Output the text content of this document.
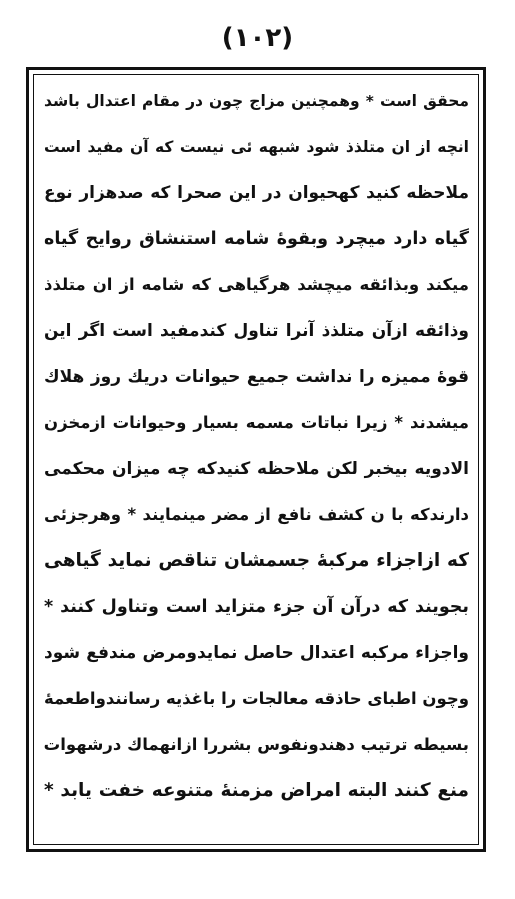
(۱۰۲)
محقق است * وهمچنین مزاج چون در مقام اعتدال باشد
انچه از ان متلذذ شود شبهه ئی نیست که آن مفید است
ملاحظه کنید کهحیوان در این صحرا که صدهزار نوع
گیاه دارد میچرد وبقوۀ شامه استنشاق روایح گیاه
میکند وبذائقه میچشد هرگیاهی که شامه از ان متلذذ
وذائقه ازآن متلذذ آنرا تناول کندمفید است اگر این
قوۀ ممیزه را نداشت جمیع حیوانات دریك روز هلاك
میشدند * زیرا نباتات مسمه بسیار وحیوانات ازمخزن
الادویه بیخبر لکن ملاحظه کنیدکه چه میزان محکمی
دارندکه با ن کشف نافع از مضر مینمایند * وهرجزئی
که ازاجزاء مرکبۀ جسمشان تناقص نماید گیاهی
بجویند که درآن آن جزء متزاید است وتناول کنند *
واجزاء مرکبه اعتدال حاصل نمایدومرض مندفع شود
وچون اطبای حاذقه معالجات را باغذیه رسانندواطعمۀ
بسیطه ترتیب دهندونفوس بشررا ازانهماك درشهوات
منع کنند البته امراض مزمنۀ متنوعه خفت یابد *
